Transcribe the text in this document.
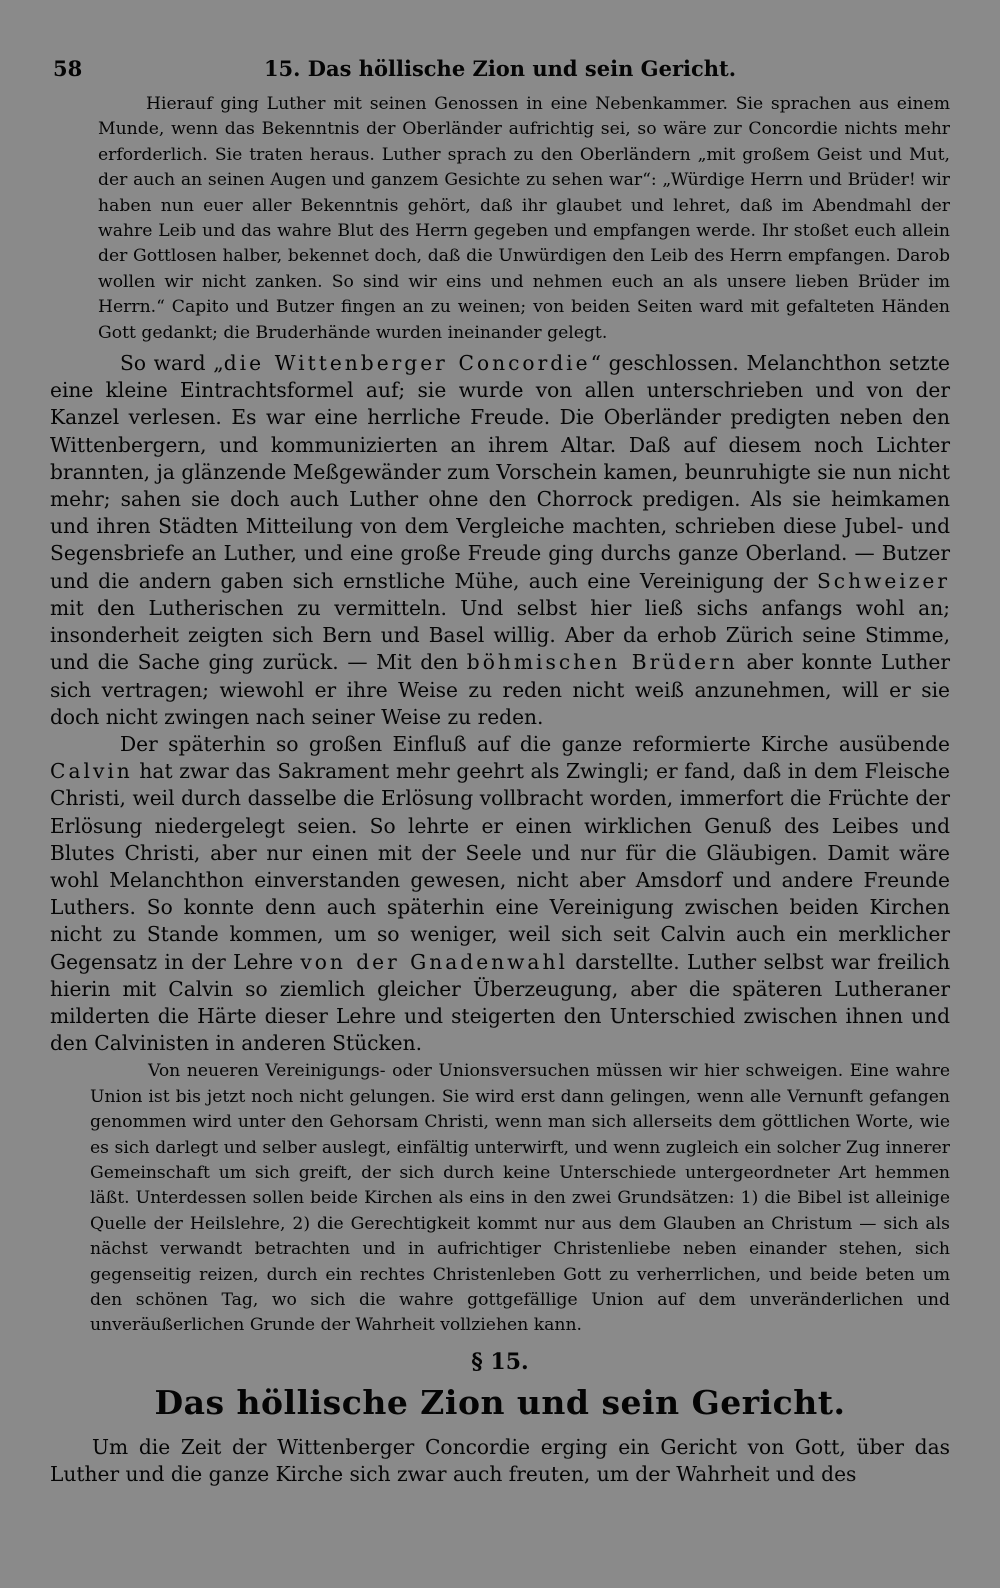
58	15. Das höllische Zion und sein Gericht.

Hierauf ging Luther mit seinen Genossen in eine Nebenkammer. Sie sprachen aus einem Munde, wenn das Bekenntnis der Oberländer aufrichtig sei, so wäre zur Concordie nichts mehr erforderlich. Sie traten heraus. Luther sprach zu den Oberländern „mit großem Geist und Mut, der auch an seinen Augen und ganzem Gesichte zu sehen war“: „Würdige Herrn und Brüder! wir haben nun euer aller Bekenntnis gehört, daß ihr glaubet und lehret, daß im Abendmahl der wahre Leib und das wahre Blut des Herrn gegeben und empfangen werde. Ihr stoßet euch allein der Gottlosen halber, bekennet doch, daß die Unwürdigen den Leib des Herrn empfangen. Darob wollen wir nicht zanken. So sind wir eins und nehmen euch an als unsere lieben Brüder im Herrn.“ Capito und Butzer fingen an zu weinen; von beiden Seiten ward mit gefalteten Händen Gott gedankt; die Bruderhände wurden ineinander gelegt.

So ward „die Wittenberger Concordie“ geschlossen. Melanchthon setzte eine kleine Eintrachtsformel auf; sie wurde von allen unterschrieben und von der Kanzel verlesen. Es war eine herrliche Freude. Die Oberländer predigten neben den Wittenbergern, und kommunizierten an ihrem Altar. Daß auf diesem noch Lichter brannten, ja glänzende Meßgewänder zum Vorschein kamen, beunruhigte sie nun nicht mehr; sahen sie doch auch Luther ohne den Chorrock predigen. Als sie heimkamen und ihren Städten Mitteilung von dem Vergleiche machten, schrieben diese Jubel- und Segensbriefe an Luther, und eine große Freude ging durchs ganze Oberland. — Butzer und die andern gaben sich ernstliche Mühe, auch eine Vereinigung der Schweizer mit den Lutherischen zu vermitteln. Und selbst hier ließ sichs anfangs wohl an; insonderheit zeigten sich Bern und Basel willig. Aber da erhob Zürich seine Stimme, und die Sache ging zurück. — Mit den böhmischen Brüdern aber konnte Luther sich vertragen; wiewohl er ihre Weise zu reden nicht weiß anzunehmen, will er sie doch nicht zwingen nach seiner Weise zu reden.

Der späterhin so großen Einfluß auf die ganze reformierte Kirche ausübende Calvin hat zwar das Sakrament mehr geehrt als Zwingli; er fand, daß in dem Fleische Christi, weil durch dasselbe die Erlösung vollbracht worden, immerfort die Früchte der Erlösung niedergelegt seien. So lehrte er einen wirklichen Genuß des Leibes und Blutes Christi, aber nur einen mit der Seele und nur für die Gläubigen. Damit wäre wohl Melanchthon einverstanden gewesen, nicht aber Amsdorf und andere Freunde Luthers. So konnte denn auch späterhin eine Vereinigung zwischen beiden Kirchen nicht zu Stande kommen, um so weniger, weil sich seit Calvin auch ein merklicher Gegensatz in der Lehre von der Gnadenwahl darstellte. Luther selbst war freilich hierin mit Calvin so ziemlich gleicher Überzeugung, aber die späteren Lutheraner milderten die Härte dieser Lehre und steigerten den Unterschied zwischen ihnen und den Calvinisten in anderen Stücken.

Von neueren Vereinigungs- oder Unionsversuchen müssen wir hier schweigen. Eine wahre Union ist bis jetzt noch nicht gelungen. Sie wird erst dann gelingen, wenn alle Vernunft gefangen genommen wird unter den Gehorsam Christi, wenn man sich allerseits dem göttlichen Worte, wie es sich darlegt und selber auslegt, einfältig unterwirft, und wenn zugleich ein solcher Zug innerer Gemeinschaft um sich greift, der sich durch keine Unterschiede untergeordneter Art hemmen läßt. Unterdessen sollen beide Kirchen als eins in den zwei Grundsätzen: 1) die Bibel ist alleinige Quelle der Heilslehre, 2) die Gerechtigkeit kommt nur aus dem Glauben an Christum — sich als nächst verwandt betrachten und in aufrichtiger Christenliebe neben einander stehen, sich gegenseitig reizen, durch ein rechtes Christenleben Gott zu verherrlichen, und beide beten um den schönen Tag, wo sich die wahre gottgefällige Union auf dem unveränderlichen und unveräußerlichen Grunde der Wahrheit vollziehen kann.

§ 15.
Das höllische Zion und sein Gericht.

Um die Zeit der Wittenberger Concordie erging ein Gericht von Gott, über das Luther und die ganze Kirche sich zwar auch freuten, um der Wahrheit und des
